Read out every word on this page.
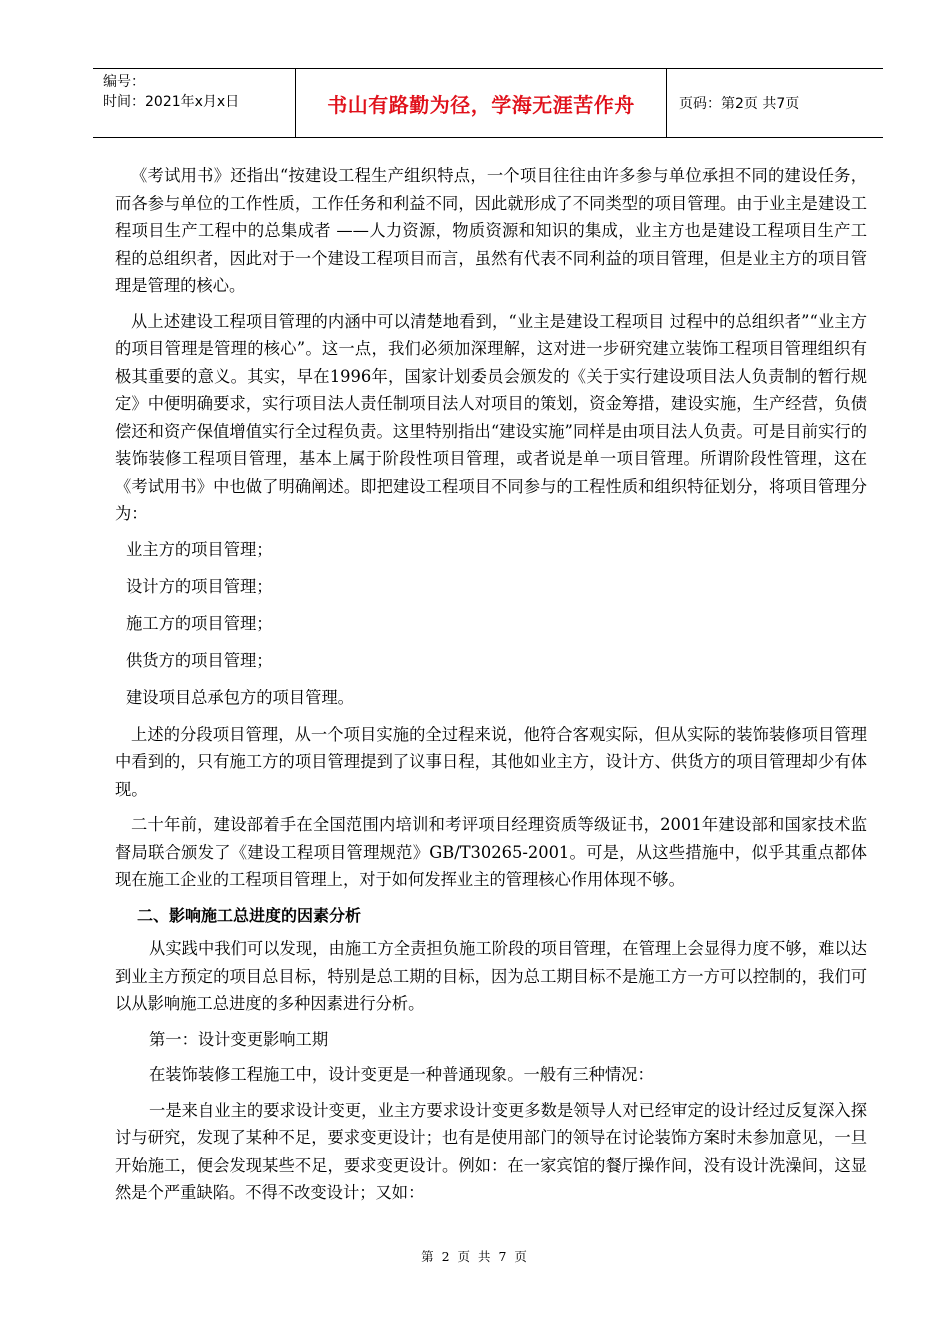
编号：
时间：2021年x月x日	书山有路勤为径，学海无涯苦作舟	页码：第2页 共7页

《考试用书》还指出“按建设工程生产组织特点，一个项目往往由许多参与单位承担不同的建设任务，而各参与单位的工作性质，工作任务和利益不同，因此就形成了不同类型的项目管理。由于业主是建设工程项目生产工程中的总集成者 ——人力资源，物质资源和知识的集成，业主方也是建设工程项目生产工程的总组织者，因此对于一个建设工程项目而言，虽然有代表不同利益的项目管理，但是业主方的项目管理是管理的核心。

从上述建设工程项目管理的内涵中可以清楚地看到，“业主是建设工程项目 过程中的总组织者”“业主方的项目管理是管理的核心”。这一点，我们必须加深理解，这对进一步研究建立装饰工程项目管理组织有极其重要的意义。其实，早在1996年，国家计划委员会颁发的《关于实行建设项目法人负责制的暂行规定》中便明确要求，实行项目法人责任制项目法人对项目的策划，资金筹措，建设实施，生产经营，负债偿还和资产保值增值实行全过程负责。这里特别指出“建设实施”同样是由项目法人负责。可是目前实行的装饰装修工程项目管理，基本上属于阶段性项目管理，或者说是单一项目管理。所谓阶段性管理，这在《考试用书》中也做了明确阐述。即把建设工程项目不同参与的工程性质和组织特征划分，将项目管理分为：

业主方的项目管理；
设计方的项目管理；
施工方的项目管理；
供货方的项目管理；
建设项目总承包方的项目管理。

上述的分段项目管理，从一个项目实施的全过程来说，他符合客观实际，但从实际的装饰装修项目管理中看到的，只有施工方的项目管理提到了议事日程，其他如业主方，设计方、供货方的项目管理却少有体现。

二十年前，建设部着手在全国范围内培训和考评项目经理资质等级证书，2001年建设部和国家技术监督局联合颁发了《建设工程项目管理规范》GB/T30265-2001。可是，从这些措施中，似乎其重点都体现在施工企业的工程项目管理上，对于如何发挥业主的管理核心作用体现不够。

二、影响施工总进度的因素分析

从实践中我们可以发现，由施工方全责担负施工阶段的项目管理，在管理上会显得力度不够，难以达到业主方预定的项目总目标，特别是总工期的目标，因为总工期目标不是施工方一方可以控制的，我们可以从影响施工总进度的多种因素进行分析。

第一：设计变更影响工期

在装饰装修工程施工中，设计变更是一种普通现象。一般有三种情况：

一是来自业主的要求设计变更，业主方要求设计变更多数是领导人对已经审定的设计经过反复深入探讨与研究，发现了某种不足，要求变更设计；也有是使用部门的领导在讨论装饰方案时未参加意见，一旦开始施工，便会发现某些不足，要求变更设计。例如：在一家宾馆的餐厅操作间，没有设计洗澡间，这显然是个严重缺陷。不得不改变设计；又如：

第 2 页 共 7 页
